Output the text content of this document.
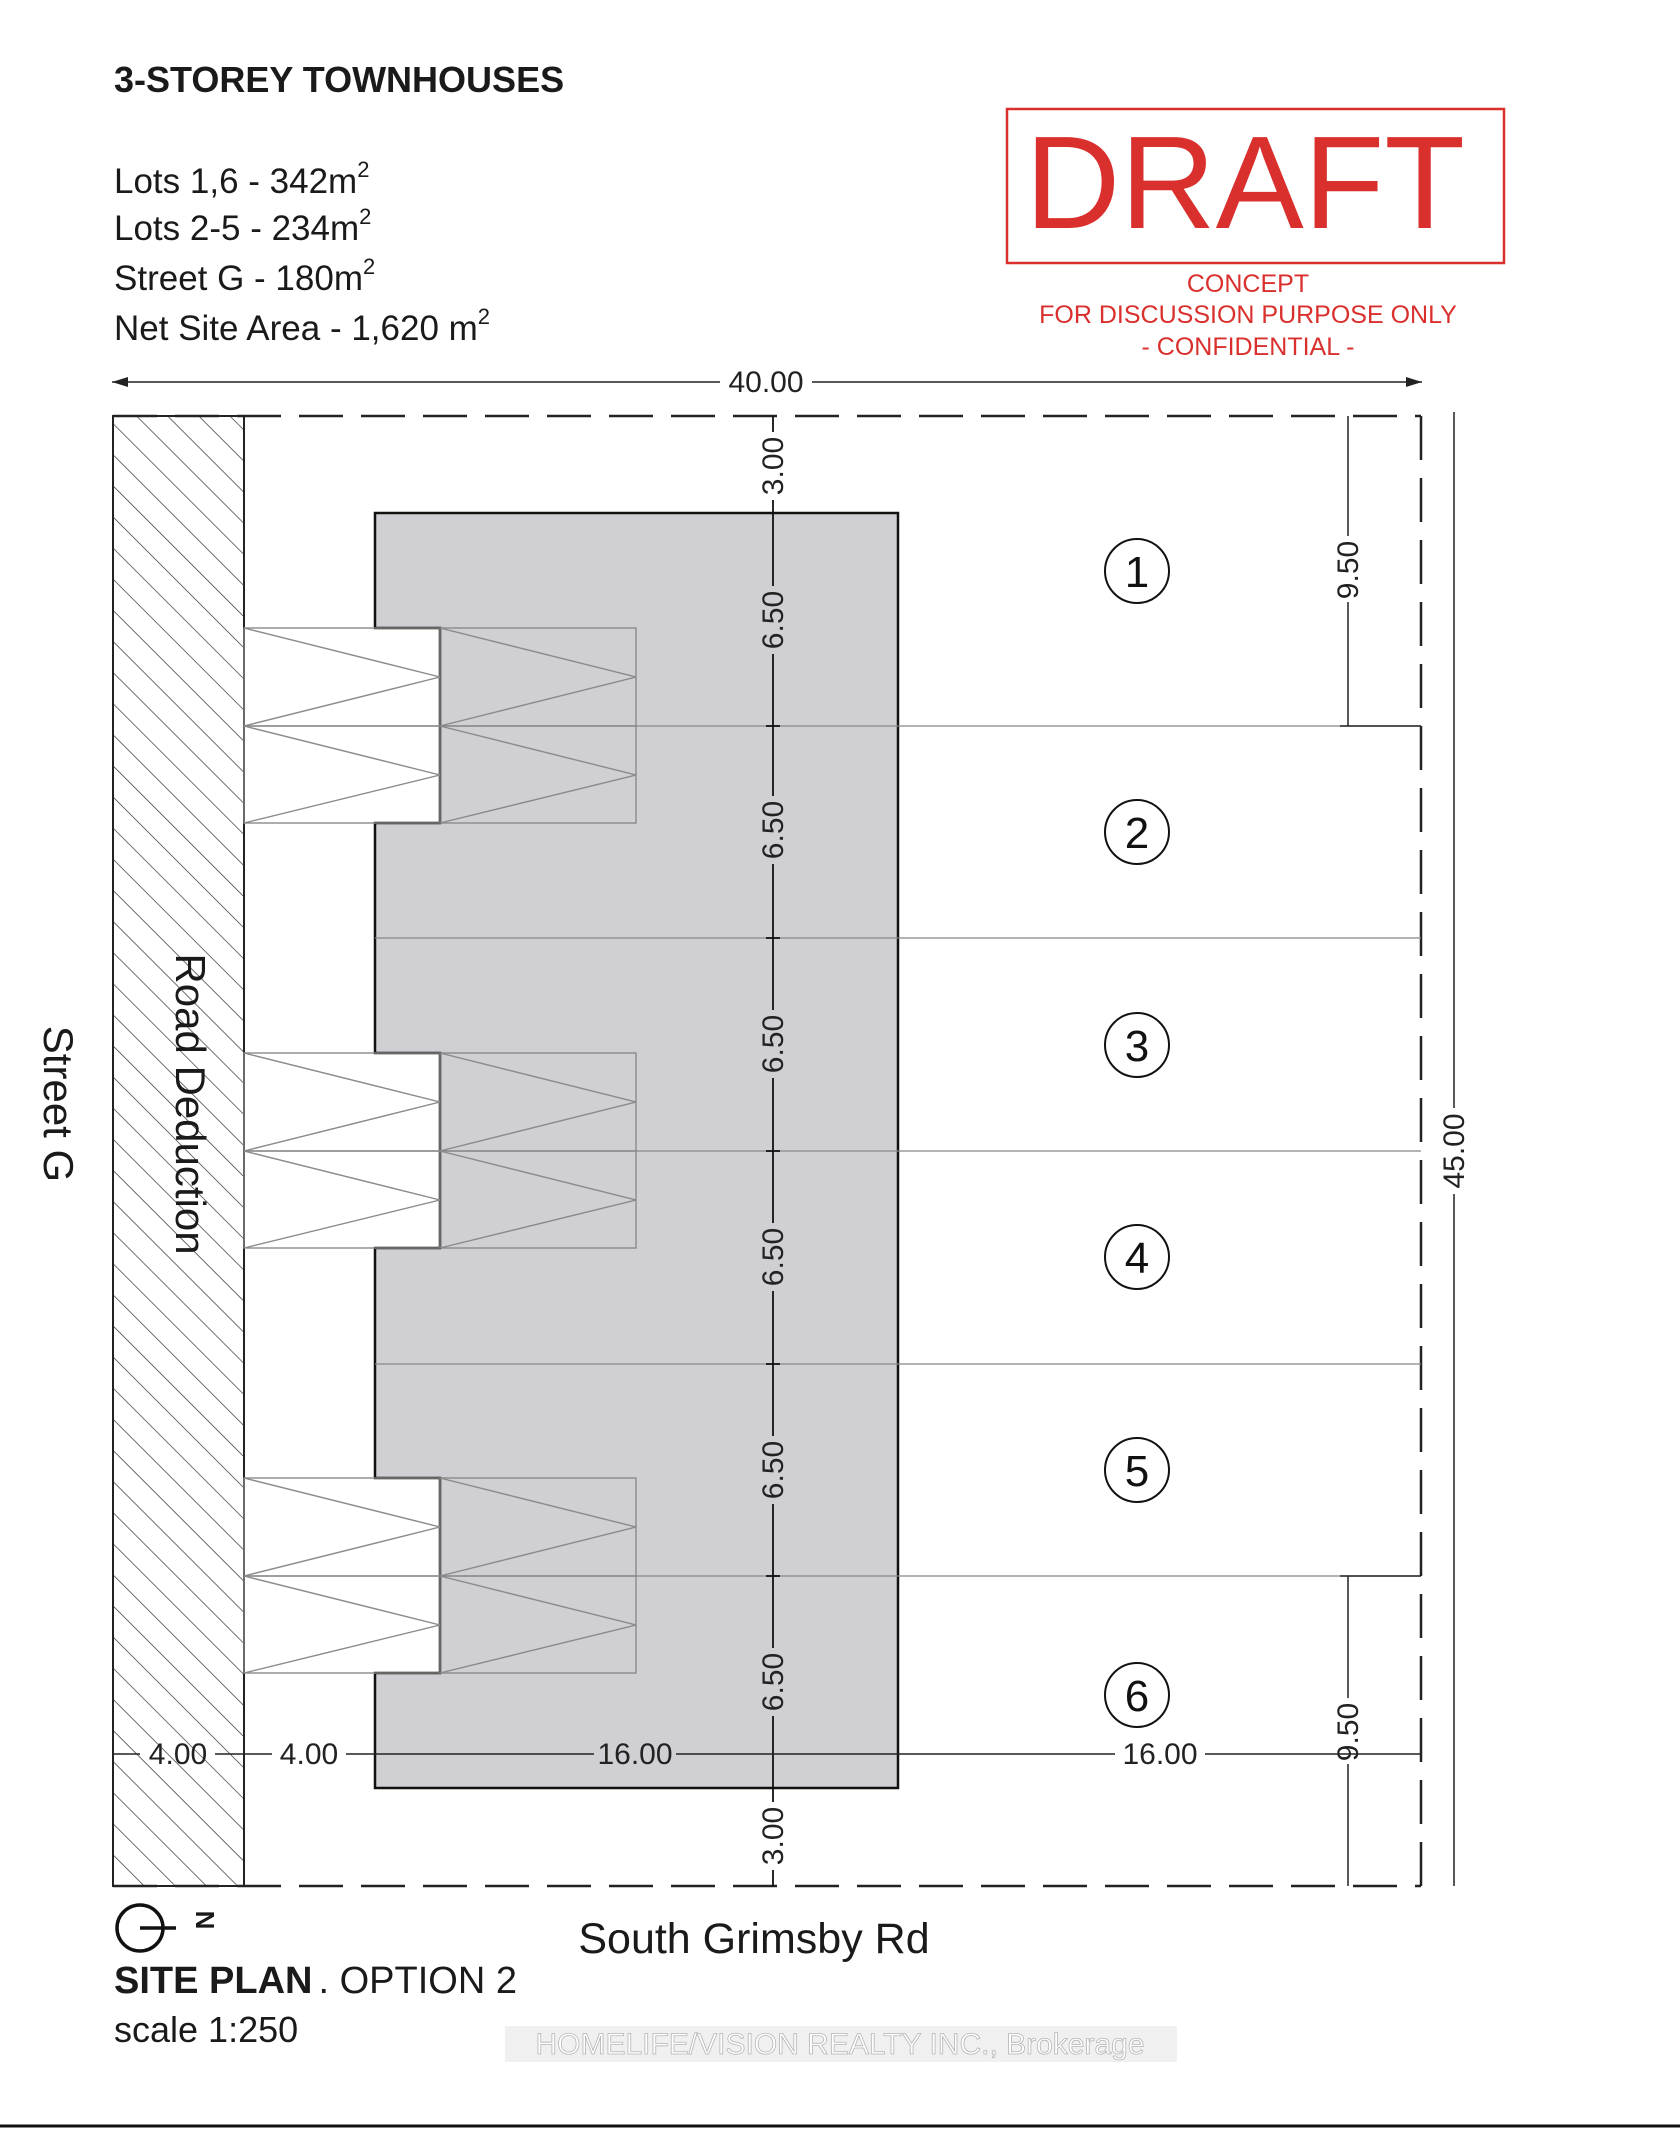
3-STOREY TOWNHOUSES
Lots $1,6 - 342m^2$
Lots $2-5 - 234m^2$
Street G - $180m^2$
Net Site Area - 1,620 $m^2$
DRAFT
CONCEPT
FOR DISCUSSION PURPOSE ONLY
- CONFIDENTIAL -
40.00
3.00
6.50
6.50
6.50
6.50
6.50
6.50
3.00
9.50
9.50
45.00
4.00 4.00	16.00	16.00
1
2
3
4
5
6
Street G Road Deduction
South Grimsby Rd
N
SITE PLAN . OPTION 2
scale 1:250	HOMELIFE/VISION REALTY INC., Brokerage
